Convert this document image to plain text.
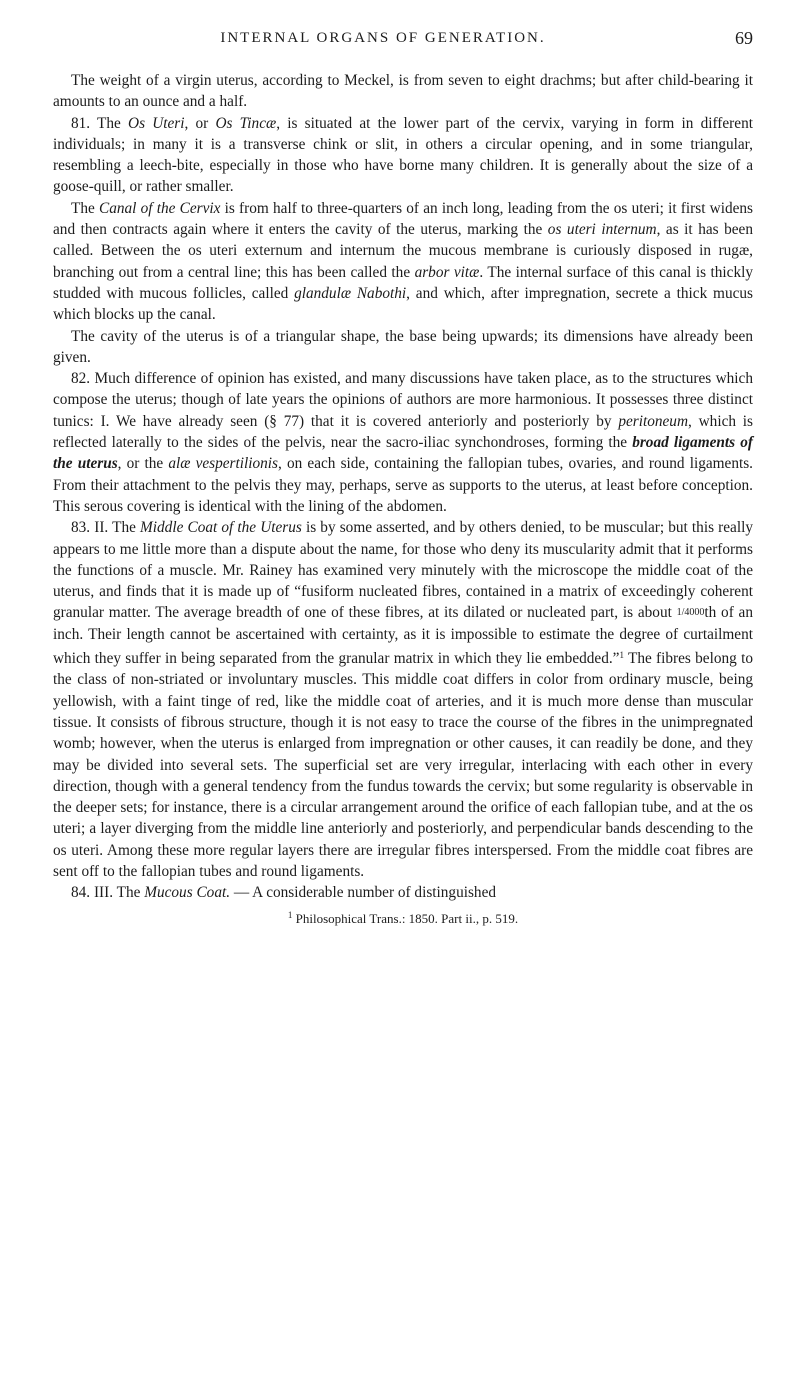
INTERNAL ORGANS OF GENERATION.	69

The weight of a virgin uterus, according to Meckel, is from seven to eight drachms; but after child-bearing it amounts to an ounce and a half.

81. The Os Uteri, or Os Tincæ, is situated at the lower part of the cervix, varying in form in different individuals; in many it is a transverse chink or slit, in others a circular opening, and in some triangular, resembling a leech-bite, especially in those who have borne many children. It is generally about the size of a goose-quill, or rather smaller.

The Canal of the Cervix is from half to three-quarters of an inch long, leading from the os uteri; it first widens and then contracts again where it enters the cavity of the uterus, marking the os uteri internum, as it has been called. Between the os uteri externum and internum the mucous membrane is curiously disposed in rugæ, branching out from a central line; this has been called the arbor vitæ. The internal surface of this canal is thickly studded with mucous follicles, called glandulæ Nabothi, and which, after impregnation, secrete a thick mucus which blocks up the canal.

The cavity of the uterus is of a triangular shape, the base being upwards; its dimensions have already been given.

82. Much difference of opinion has existed, and many discussions have taken place, as to the structures which compose the uterus; though of late years the opinions of authors are more harmonious. It possesses three distinct tunics: I. We have already seen (§ 77) that it is covered anteriorly and posteriorly by peritoneum, which is reflected laterally to the sides of the pelvis, near the sacro-iliac synchondroses, forming the broad ligaments of the uterus, or the alæ vespertilionis, on each side, containing the fallopian tubes, ovaries, and round ligaments. From their attachment to the pelvis they may, perhaps, serve as supports to the uterus, at least before conception. This serous covering is identical with the lining of the abdomen.

83. II. The Middle Coat of the Uterus is by some asserted, and by others denied, to be muscular; but this really appears to me little more than a dispute about the name, for those who deny its muscularity admit that it performs the functions of a muscle. Mr. Rainey has examined very minutely with the microscope the middle coat of the uterus, and finds that it is made up of “fusiform nucleated fibres, contained in a matrix of exceedingly coherent granular matter. The average breadth of one of these fibres, at its dilated or nucleated part, is about 1/4000th of an inch. Their length cannot be ascertained with certainty, as it is impossible to estimate the degree of curtailment which they suffer in being separated from the granular matrix in which they lie embedded.”$^1$ The fibres belong to the class of non-striated or involuntary muscles. This middle coat differs in color from ordinary muscle, being yellowish, with a faint tinge of red, like the middle coat of arteries, and it is much more dense than muscular tissue. It consists of fibrous structure, though it is not easy to trace the course of the fibres in the unimpregnated womb; however, when the uterus is enlarged from impregnation or other causes, it can readily be done, and they may be divided into several sets. The superficial set are very irregular, interlacing with each other in every direction, though with a general tendency from the fundus towards the cervix; but some regularity is observable in the deeper sets; for instance, there is a circular arrangement around the orifice of each fallopian tube, and at the os uteri; a layer diverging from the middle line anteriorly and posteriorly, and perpendicular bands descending to the os uteri. Among these more regular layers there are irregular fibres interspersed. From the middle coat fibres are sent off to the fallopian tubes and round ligaments.

84. III. The Mucous Coat. — A considerable number of distinguished

$^1$ Philosophical Trans.: 1850. Part ii., p. 519.
